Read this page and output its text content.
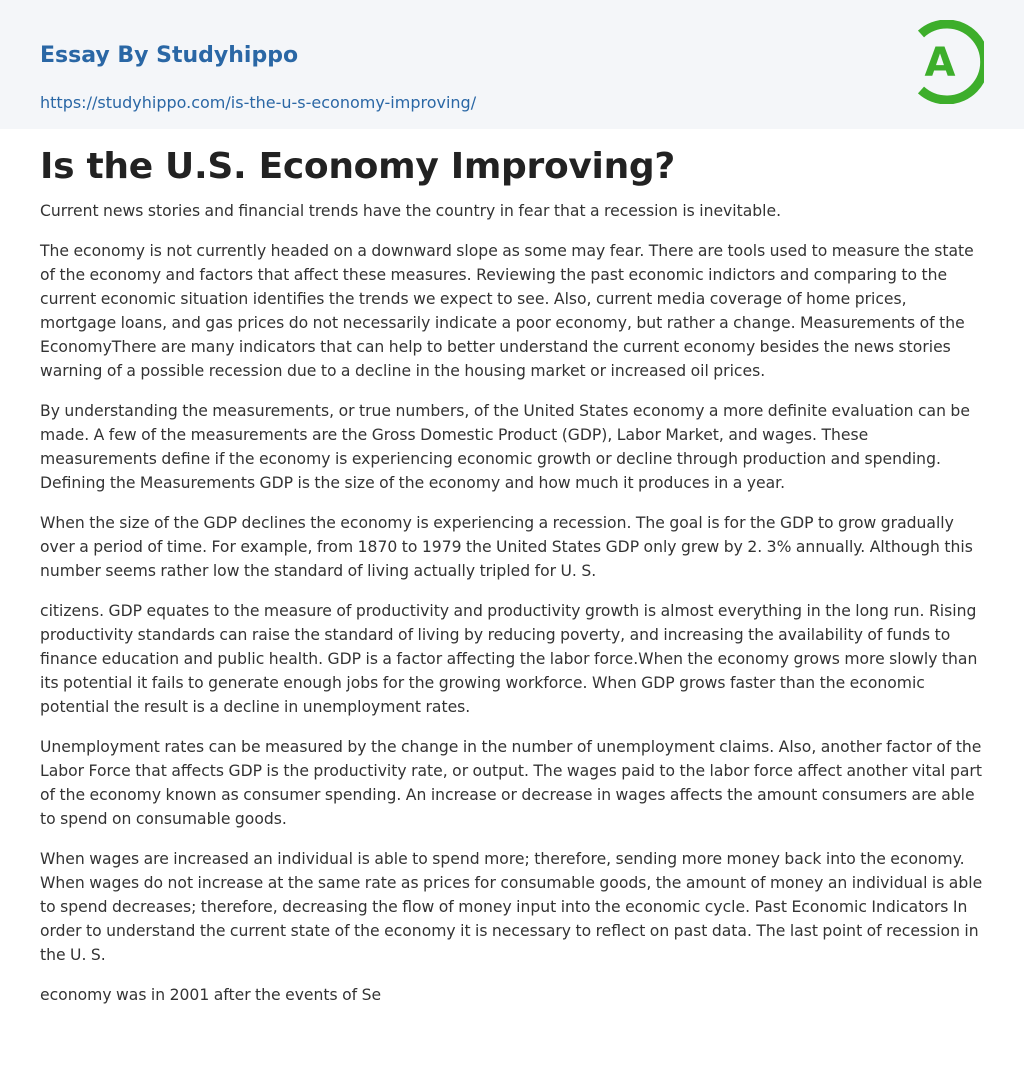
Essay By Studyhippo
https://studyhippo.com/is-the-u-s-economy-improving/
A
Is the U.S. Economy Improving?

Current news stories and financial trends have the country in fear that a recession is inevitable.

The economy is not currently headed on a downward slope as some may fear. There are tools used to measure the state of the economy and factors that affect these measures. Reviewing the past economic indictors and comparing to the current economic situation identifies the trends we expect to see. Also, current media coverage of home prices, mortgage loans, and gas prices do not necessarily indicate a poor economy, but rather a change. Measurements of the EconomyThere are many indicators that can help to better understand the current economy besides the news stories warning of a possible recession due to a decline in the housing market or increased oil prices.

By understanding the measurements, or true numbers, of the United States economy a more definite evaluation can be made. A few of the measurements are the Gross Domestic Product (GDP), Labor Market, and wages. These measurements define if the economy is experiencing economic growth or decline through production and spending. Defining the Measurements GDP is the size of the economy and how much it produces in a year.

When the size of the GDP declines the economy is experiencing a recession. The goal is for the GDP to grow gradually over a period of time. For example, from 1870 to 1979 the United States GDP only grew by 2. 3% annually. Although this number seems rather low the standard of living actually tripled for U. S.

citizens. GDP equates to the measure of productivity and productivity growth is almost everything in the long run. Rising productivity standards can raise the standard of living by reducing poverty, and increasing the availability of funds to finance education and public health. GDP is a factor affecting the labor force.When the economy grows more slowly than its potential it fails to generate enough jobs for the growing workforce. When GDP grows faster than the economic potential the result is a decline in unemployment rates.

Unemployment rates can be measured by the change in the number of unemployment claims. Also, another factor of the Labor Force that affects GDP is the productivity rate, or output. The wages paid to the labor force affect another vital part of the economy known as consumer spending. An increase or decrease in wages affects the amount consumers are able to spend on consumable goods.

When wages are increased an individual is able to spend more; therefore, sending more money back into the economy. When wages do not increase at the same rate as prices for consumable goods, the amount of money an individual is able to spend decreases; therefore, decreasing the flow of money input into the economic cycle. Past Economic Indicators In order to understand the current state of the economy it is necessary to reflect on past data. The last point of recession in the U. S.

economy was in 2001 after the events of Se
